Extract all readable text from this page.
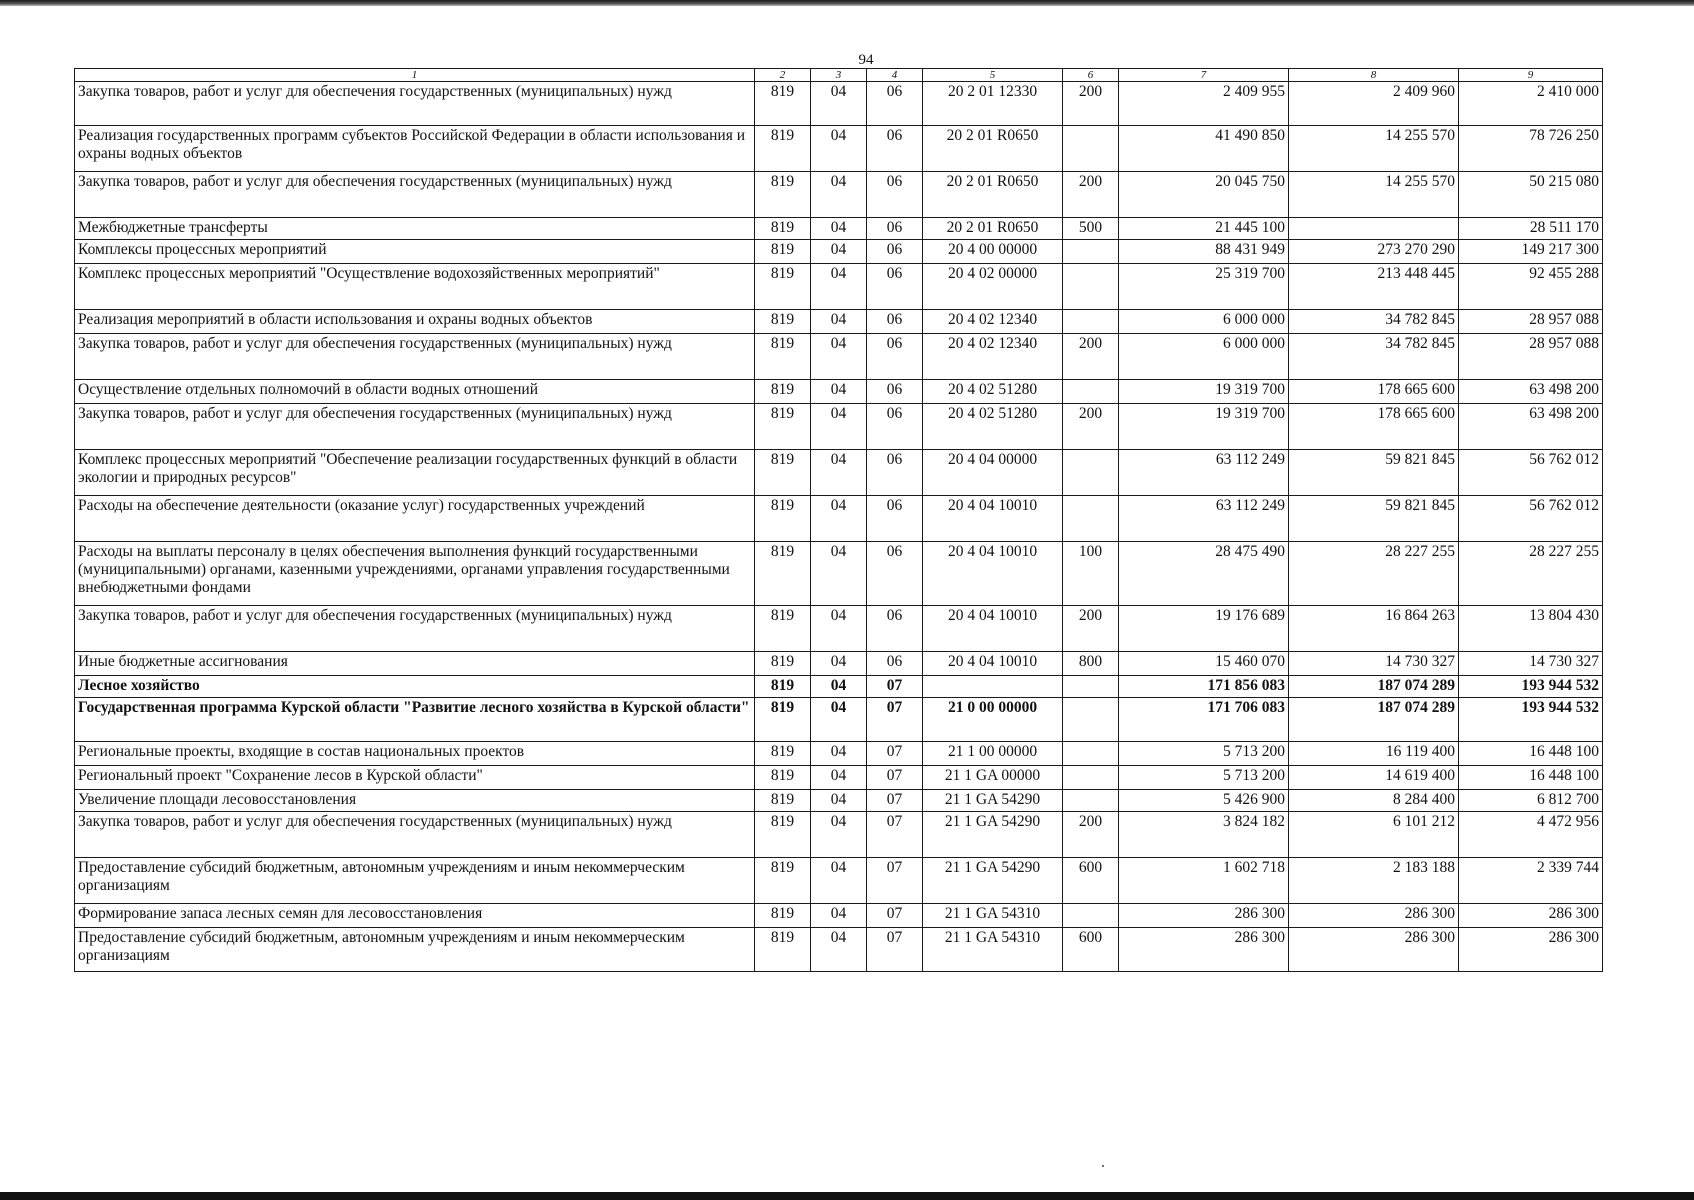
94
1	2	3	4	5	6	7	8	9
Закупка товаров, работ и услуг для обеспечения государственных (муниципальных) нужд	819	04	06	20 2 01 12330	200	2 409 955	2 409 960	2 410 000
Реализация государственных программ субъектов Российской Федерации в области использования и охраны водных объектов	819	04	06	20 2 01 R0650		41 490 850	14 255 570	78 726 250
Закупка товаров, работ и услуг для обеспечения государственных (муниципальных) нужд	819	04	06	20 2 01 R0650	200	20 045 750	14 255 570	50 215 080
Межбюджетные трансферты	819	04	06	20 2 01 R0650	500	21 445 100		28 511 170
Комплексы процессных мероприятий	819	04	06	20 4 00 00000		88 431 949	273 270 290	149 217 300
Комплекс процессных мероприятий "Осуществление водохозяйственных мероприятий"	819	04	06	20 4 02 00000		25 319 700	213 448 445	92 455 288
Реализация мероприятий в области использования и охраны водных объектов	819	04	06	20 4 02 12340		6 000 000	34 782 845	28 957 088
Закупка товаров, работ и услуг для обеспечения государственных (муниципальных) нужд	819	04	06	20 4 02 12340	200	6 000 000	34 782 845	28 957 088
Осуществление отдельных полномочий в области водных отношений	819	04	06	20 4 02 51280		19 319 700	178 665 600	63 498 200
Закупка товаров, работ и услуг для обеспечения государственных (муниципальных) нужд	819	04	06	20 4 02 51280	200	19 319 700	178 665 600	63 498 200
Комплекс процессных мероприятий "Обеспечение реализации государственных функций в области экологии и природных ресурсов"	819	04	06	20 4 04 00000		63 112 249	59 821 845	56 762 012
Расходы на обеспечение деятельности (оказание услуг) государственных учреждений	819	04	06	20 4 04 10010		63 112 249	59 821 845	56 762 012
Расходы на выплаты персоналу в целях обеспечения выполнения функций государственными (муниципальными) органами, казенными учреждениями, органами управления государственными внебюджетными фондами	819	04	06	20 4 04 10010	100	28 475 490	28 227 255	28 227 255
Закупка товаров, работ и услуг для обеспечения государственных (муниципальных) нужд	819	04	06	20 4 04 10010	200	19 176 689	16 864 263	13 804 430
Иные бюджетные ассигнования	819	04	06	20 4 04 10010	800	15 460 070	14 730 327	14 730 327
Лесное хозяйство	819	04	07			171 856 083	187 074 289	193 944 532
Государственная программа Курской области "Развитие лесного хозяйства в Курской области"	819	04	07	21 0 00 00000		171 706 083	187 074 289	193 944 532
Региональные проекты, входящие в состав национальных проектов	819	04	07	21 1 00 00000		5 713 200	16 119 400	16 448 100
Региональный проект "Сохранение лесов в Курской области"	819	04	07	21 1 GA 00000		5 713 200	14 619 400	16 448 100
Увеличение площади лесовосстановления	819	04	07	21 1 GA 54290		5 426 900	8 284 400	6 812 700
Закупка товаров, работ и услуг для обеспечения государственных (муниципальных) нужд	819	04	07	21 1 GA 54290	200	3 824 182	6 101 212	4 472 956
Предоставление субсидий бюджетным, автономным учреждениям и иным некоммерческим организациям	819	04	07	21 1 GA 54290	600	1 602 718	2 183 188	2 339 744
Формирование запаса лесных семян для лесовосстановления	819	04	07	21 1 GA 54310		286 300	286 300	286 300
Предоставление субсидий бюджетным, автономным учреждениям и иным некоммерческим организациям	819	04	07	21 1 GA 54310	600	286 300	286 300	286 300
